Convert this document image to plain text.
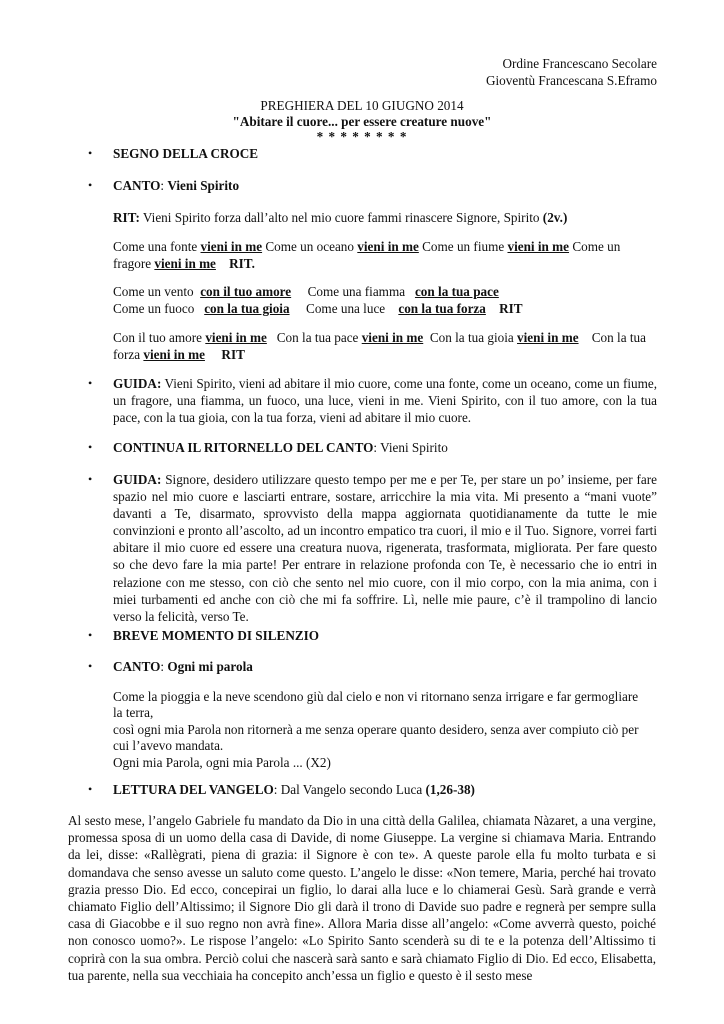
Ordine Francescano Secolare
Gioventù Francescana S.Eframo
PREGHIERA DEL 10 GIUGNO 2014
"Abitare il cuore... per essere creature nuove"
* * * * * * * *
•	SEGNO DELLA CROCE
•	CANTO: Vieni Spirito
RIT: Vieni Spirito forza dall’alto nel mio cuore fammi rinascere Signore, Spirito (2v.)
Come una fonte vieni in me Come un oceano vieni in me Come un fiume vieni in me Come un
fragore vieni in me    RIT.
Come un vento  con il tuo amore     Come una fiamma   con la tua pace
Come un fuoco   con la tua gioia     Come una luce    con la tua forza    RIT
Con il tuo amore vieni in me   Con la tua pace vieni in me  Con la tua gioia vieni in me    Con la tua
forza vieni in me     RIT
•	GUIDA: Vieni Spirito, vieni ad abitare il mio cuore, come una fonte, come un oceano, come un fiume, un fragore, una fiamma, un fuoco, una luce, vieni in me. Vieni Spirito, con il tuo amore, con la tua pace, con la tua gioia, con la tua forza, vieni ad abitare il mio cuore.
•	CONTINUA IL RITORNELLO DEL CANTO: Vieni Spirito
•	GUIDA: Signore, desidero utilizzare questo tempo per me e per Te, per stare un po’ insieme, per fare spazio nel mio cuore e lasciarti entrare, sostare, arricchire la mia vita. Mi presento a “mani vuote” davanti a Te, disarmato, sprovvisto della mappa aggiornata quotidianamente da tutte le mie convinzioni e pronto all’ascolto, ad un incontro empatico tra cuori, il mio e il Tuo. Signore, vorrei farti abitare il mio cuore ed essere una creatura nuova, rigenerata, trasformata, migliorata. Per fare questo so che devo fare la mia parte! Per entrare in relazione profonda con Te, è necessario che io entri in relazione con me stesso, con ciò che sento nel mio cuore, con il mio corpo, con la mia anima, con i miei turbamenti ed anche con ciò che mi fa soffrire. Lì, nelle mie paure, c’è il trampolino di lancio verso la felicità, verso Te.
•	BREVE MOMENTO DI SILENZIO
•	CANTO: Ogni mi parola
Come la pioggia e la neve scendono giù dal cielo e non vi ritornano senza irrigare e far germogliare
la terra,
così ogni mia Parola non ritornerà a me senza operare quanto desidero, senza aver compiuto ciò per
cui l’avevo mandata.
Ogni mia Parola, ogni mia Parola ... (X2)
•	LETTURA DEL VANGELO: Dal Vangelo secondo Luca (1,26-38)
Al sesto mese, l’angelo Gabriele fu mandato da Dio in una città della Galilea, chiamata Nàzaret, a una vergine, promessa sposa di un uomo della casa di Davide, di nome Giuseppe. La vergine si chiamava Maria. Entrando da lei, disse: «Rallègrati, piena di grazia: il Signore è con te». A queste parole ella fu molto turbata e si domandava che senso avesse un saluto come questo. L’angelo le disse: «Non temere, Maria, perché hai trovato grazia presso Dio. Ed ecco, concepirai un figlio, lo darai alla luce e lo chiamerai Gesù. Sarà grande e verrà chiamato Figlio dell’Altissimo; il Signore Dio gli darà il trono di Davide suo padre e regnerà per sempre sulla casa di Giacobbe e il suo regno non avrà fine». Allora Maria disse all’angelo: «Come avverrà questo, poiché non conosco uomo?». Le rispose l’angelo: «Lo Spirito Santo scenderà su di te e la potenza dell’Altissimo ti coprirà con la sua ombra. Perciò colui che nascerà sarà santo e sarà chiamato Figlio di Dio. Ed ecco, Elisabetta, tua parente, nella sua vecchiaia ha concepito anch’essa un figlio e questo è il sesto mese
